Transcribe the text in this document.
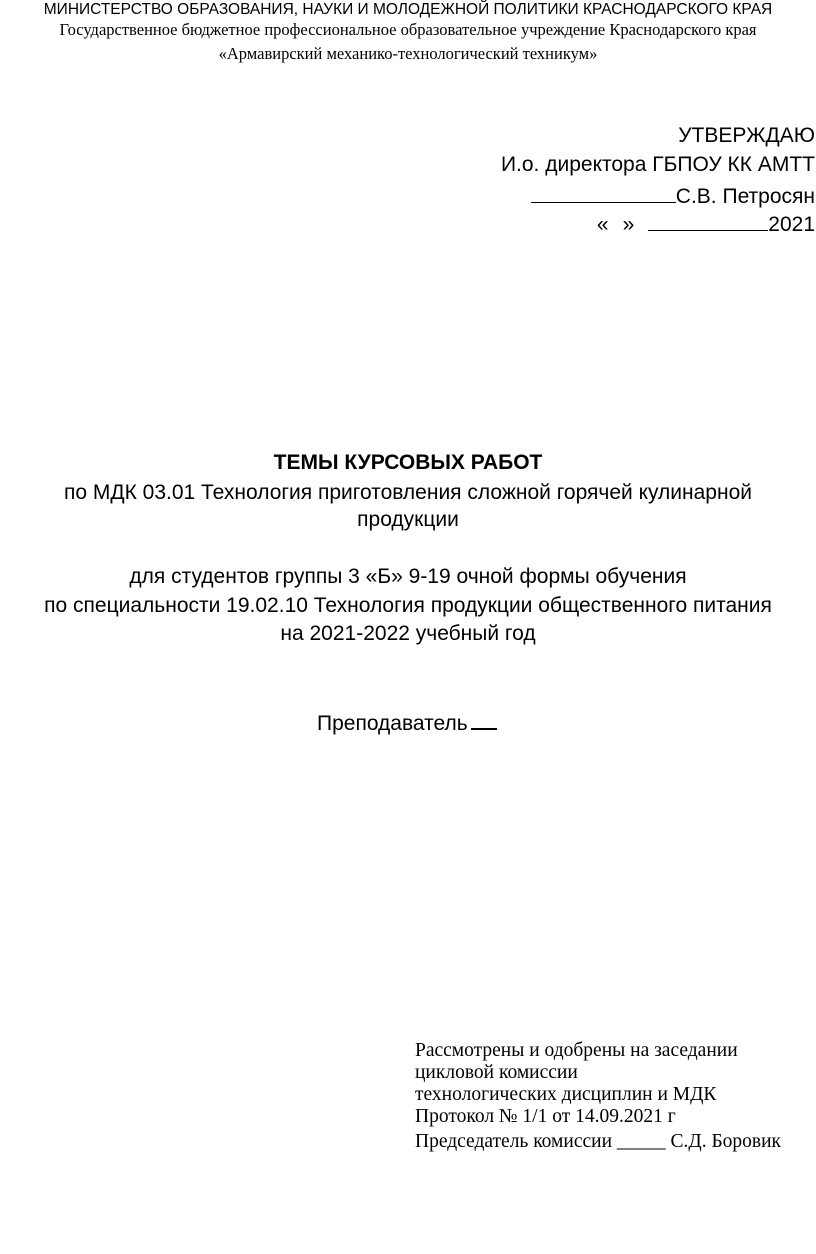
МИНИСТЕРСТВО ОБРАЗОВАНИЯ, НАУКИ И МОЛОДЕЖНОЙ ПОЛИТИКИ КРАСНОДАРСКОГО КРАЯ
Государственное бюджетное профессиональное образовательное учреждение Краснодарского края
«Армавирский механико-технологический техникум»
УТВЕРЖДАЮ
И.о. директора ГБПОУ КК АМТТ
С.В. Петросян
« »	2021
ТЕМЫ КУРСОВЫХ РАБОТ
по МДК 03.01 Технология приготовления сложной горячей кулинарной
продукции
для студентов группы 3 «Б» 9-19 очной формы обучения
по специальности 19.02.10 Технология продукции общественного питания
на 2021-2022 учебный год
Преподаватель
Рассмотрены и одобрены на заседании
цикловой комиссии
технологических дисциплин и МДК
Протокол № 1/1 от 14.09.2021 г
Председатель комиссии _____ С.Д. Боровик
